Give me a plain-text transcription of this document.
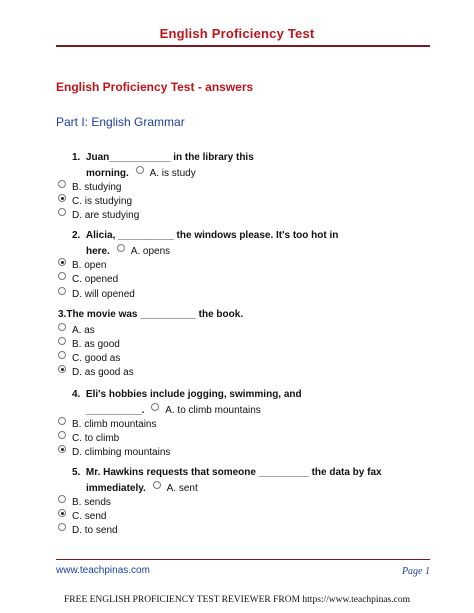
English Proficiency Test
English Proficiency Test - answers
Part I: English Grammar
1. Juan___________ in the library this
morning. A. is study
B. studying
C. is studying
D. are studying
2. Alicia, __________ the windows please. It's too hot in
here. A. opens
B. open
C. opened
D. will opened
3.The movie was __________ the book.
A. as
B. as good
C. good as
D. as good as
4. Eli's hobbies include jogging, swimming, and
__________. A. to climb mountains
B. climb mountains
C. to climb
D. climbing mountains
5. Mr. Hawkins requests that someone _________ the data by fax
immediately. A. sent
B. sends
C. send
D. to send
www.teachpinas.com	Page 1
FREE ENGLISH PROFICIENCY TEST REVIEWER FROM https://www.teachpinas.com
